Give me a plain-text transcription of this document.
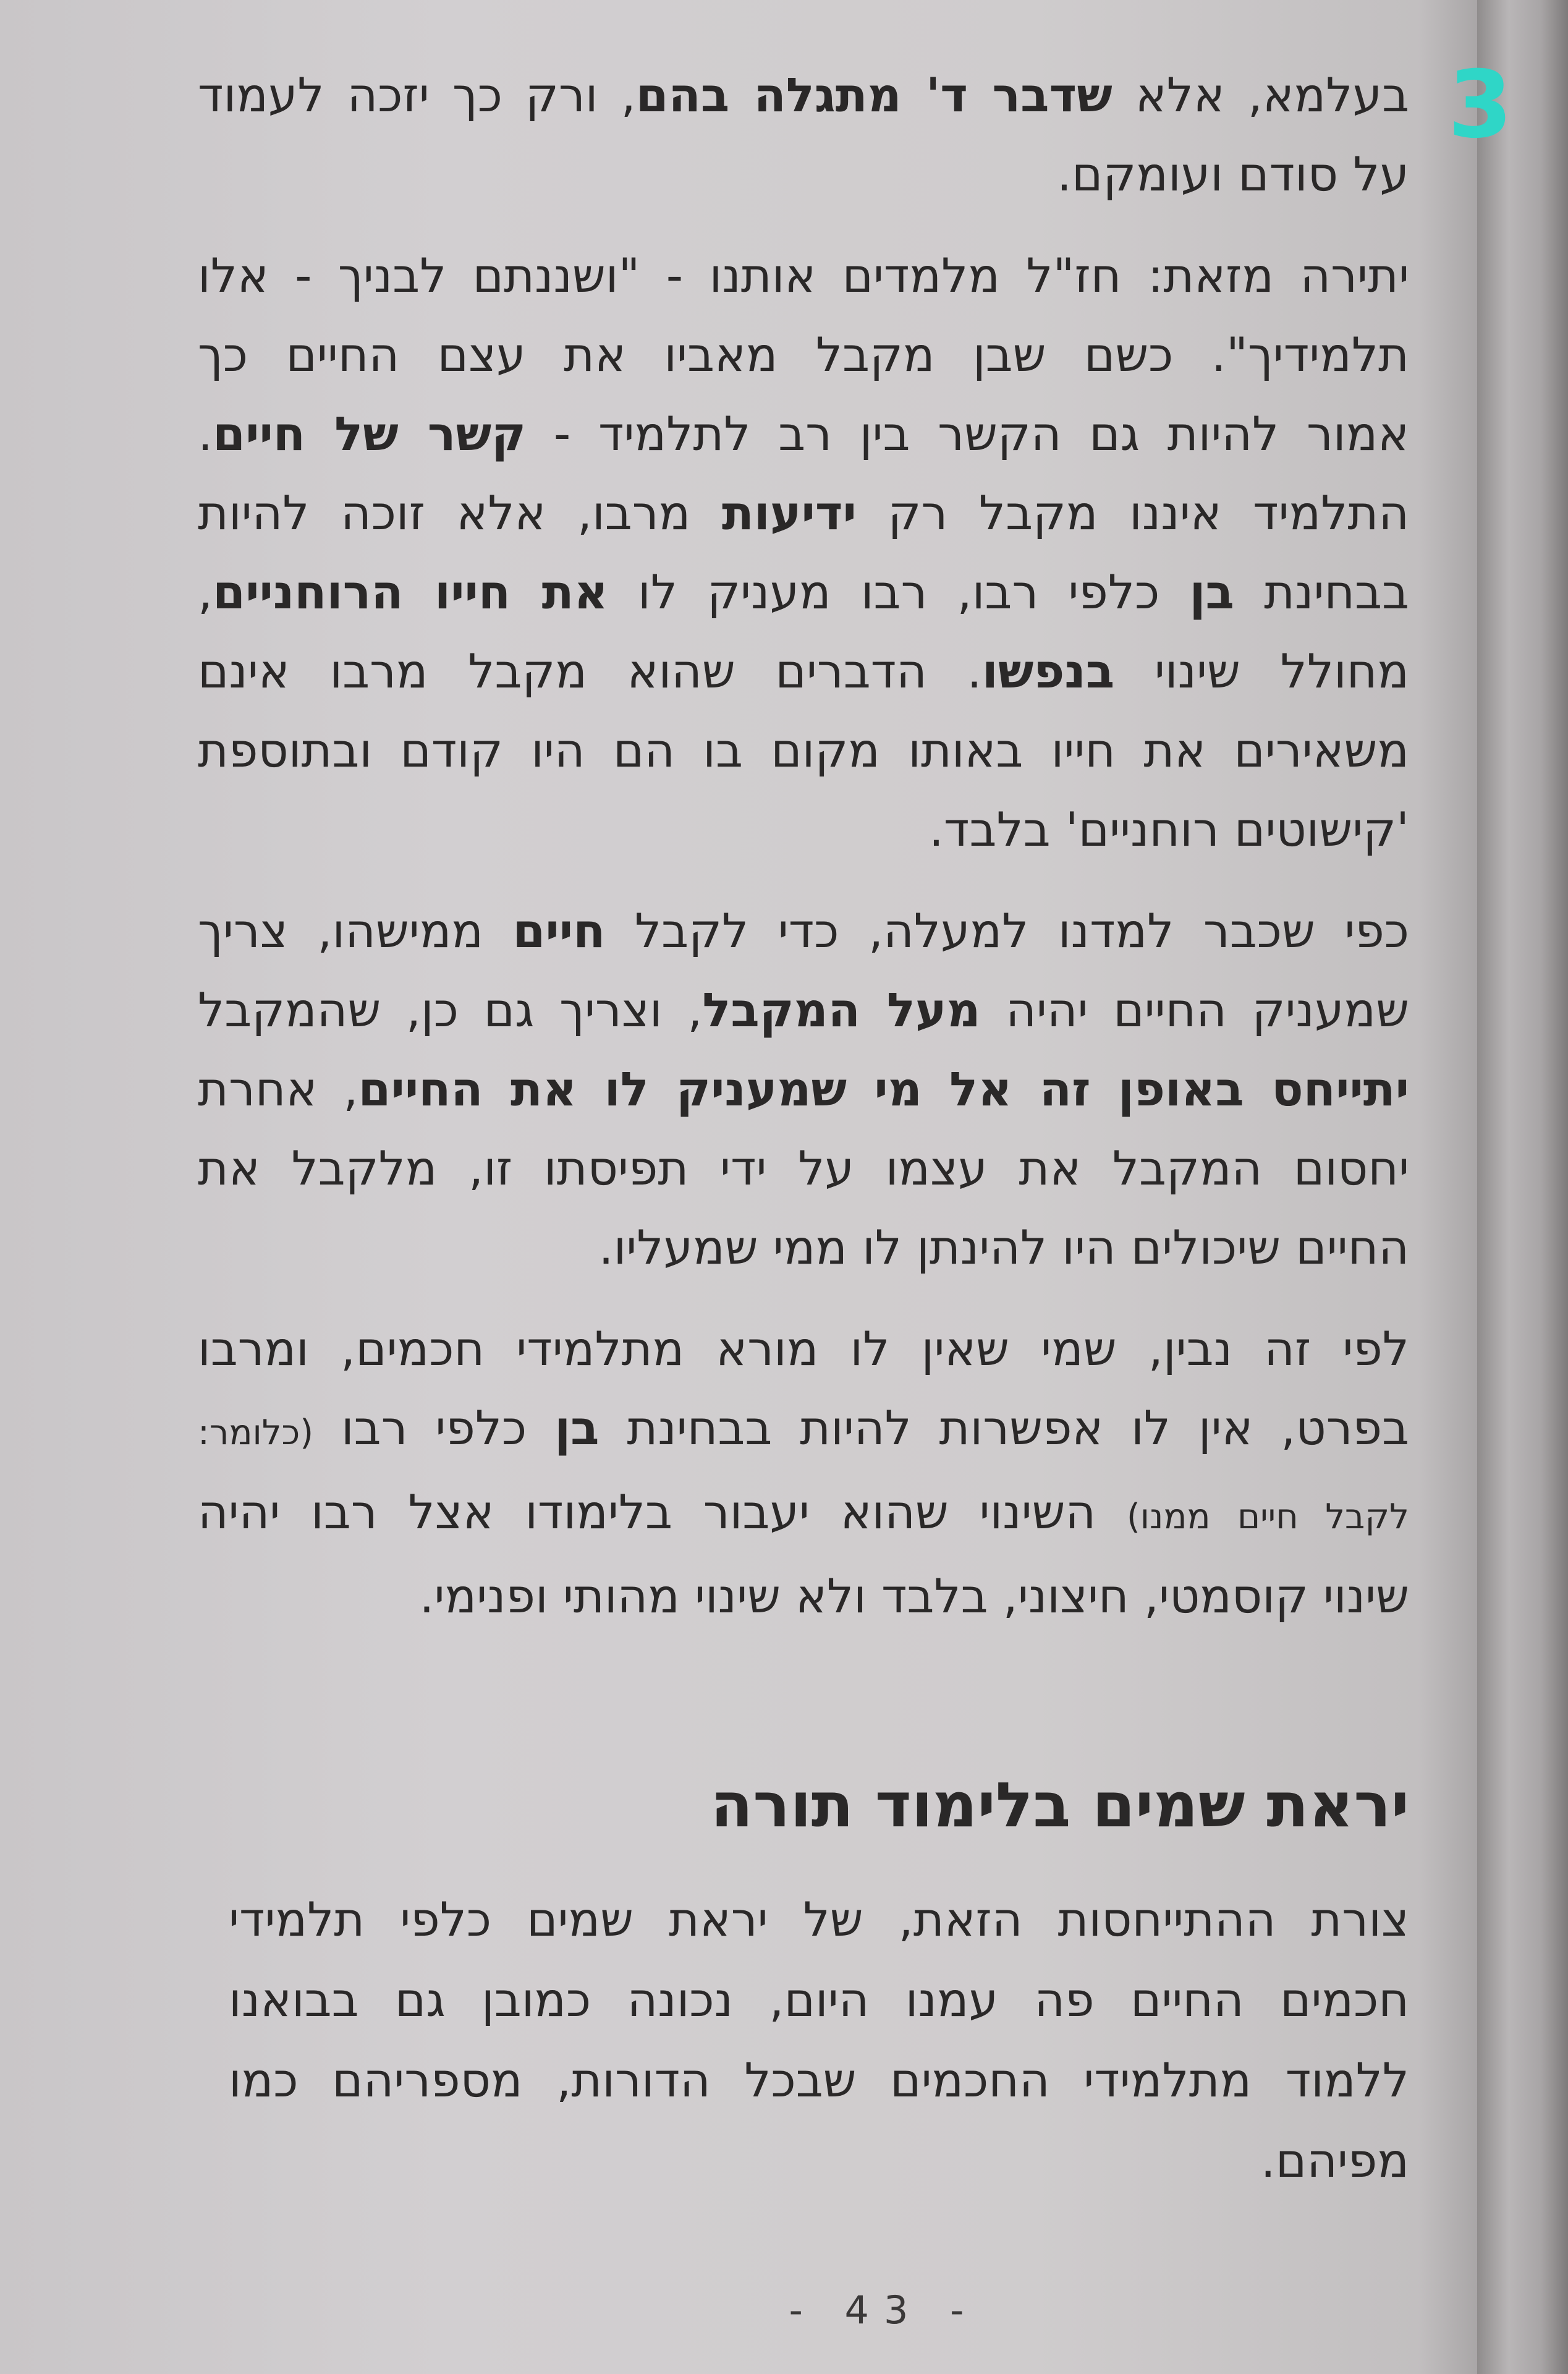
בעלמא, אלא שדבר ד' מתגלה בהם, ורק כך יזכה לעמוד
על סודם ועומקם.

יתירה מזאת: חז"ל מלמדים אותנו - "ושננתם לבניך - אלו
תלמידיך". כשם שבן מקבל מאביו את עצם החיים כך
אמור להיות גם הקשר בין רב לתלמיד - קשר של חיים.
התלמיד איננו מקבל רק ידיעות מרבו, אלא זוכה להיות
בבחינת בן כלפי רבו, רבו מעניק לו את חייו הרוחניים,
מחולל שינוי בנפשו. הדברים שהוא מקבל מרבו אינם
משאירים את חייו באותו מקום בו הם היו קודם ובתוספת
'קישוטים רוחניים' בלבד.

כפי שכבר למדנו למעלה, כדי לקבל חיים ממישהו, צריך
שמעניק החיים יהיה מעל המקבל, וצריך גם כן, שהמקבל
יתייחס באופן זה אל מי שמעניק לו את החיים, אחרת
יחסום המקבל את עצמו על ידי תפיסתו זו, מלקבל את
החיים שיכולים היו להינתן לו ממי שמעליו.

לפי זה נבין, שמי שאין לו מורא מתלמידי חכמים, ומרבו
בפרט, אין לו אפשרות להיות בבחינת בן כלפי רבו (כלומר:
לקבל חיים ממנו) השינוי שהוא יעבור בלימודו אצל רבו יהיה
שינוי קוסמטי, חיצוני, בלבד ולא שינוי מהותי ופנימי.

יראת שמים בלימוד תורה
צורת ההתייחסות הזאת, של יראת שמים כלפי תלמידי
חכמים החיים פה עמנו היום, נכונה כמובן גם בבואנו
ללמוד מתלמידי החכמים שבכל הדורות, מספריהם כמו
מפיהם.
- 43 -
3
